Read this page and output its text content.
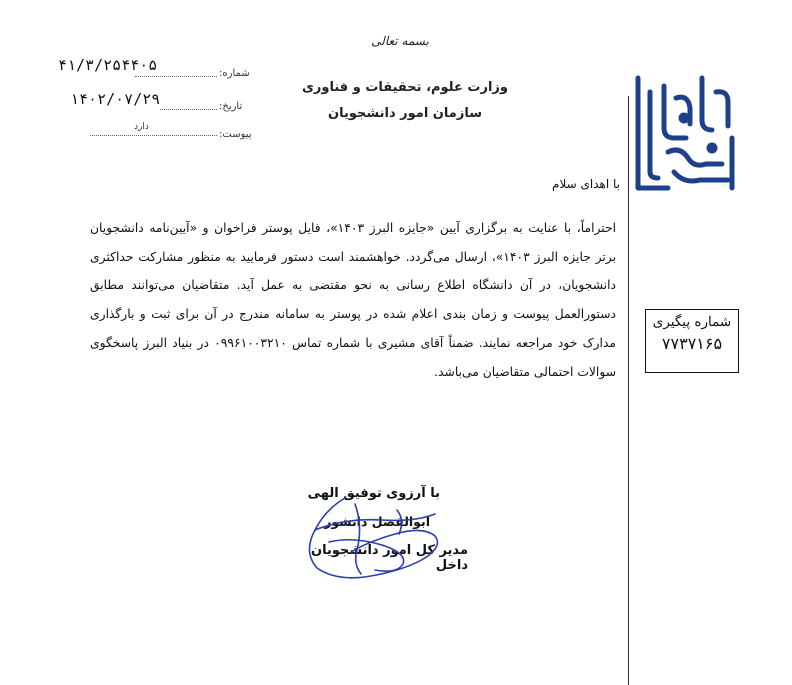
بسمه تعالی
وزارت علوم، تحقیقات و فناوری
سازمان امور دانشجویان
شماره:
۴۱/۳/۲۵۴۴۰۵
تاریخ:
۱۴۰۲/۰۷/۲۹
پیوست:
دارد
با اهدای سلام
احتراماً، با عنایت به برگزاری آیین «جایزه البرز ۱۴۰۳»، فایل پوستر فراخوان و «آیین‌نامه دانشجویان برتر جایزه البرز ۱۴۰۳»، ارسال می‌گردد. خواهشمند است دستور فرمایید به منظور مشارکت حداکثری دانشجویان، در آن دانشگاه اطلاع رسانی به نحو مقتضی به عمل آید. متقاضیان می‌توانند مطابق دستورالعمل پیوست و زمان بندی اعلام شده در پوستر به سامانه مندرج در آن برای ثبت و بارگذاری مدارک خود مراجعه نمایند. ضمناً آقای مشیری با شماره تماس ۰۹۹۶۱۰۰۳۲۱۰ در بنیاد البرز پاسخگوی سوالات احتمالی متقاضیان می‌باشد.
شماره پیگیری
۷۷۳۷۱۶۵
با آرزوی توفیق الهی
ابوالفضل دانشور
مدیر کل امور دانشجویان داخل
